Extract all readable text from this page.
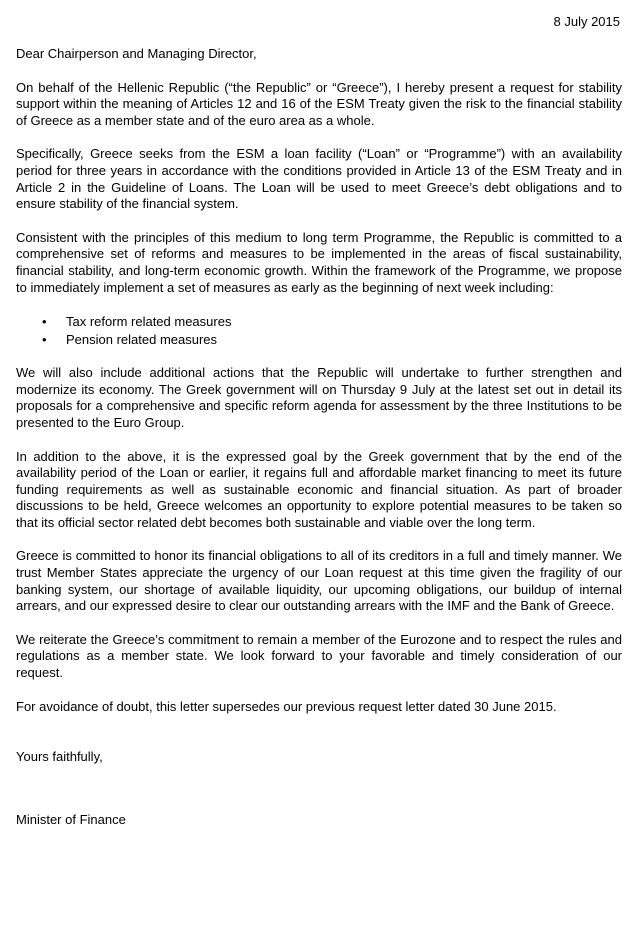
8 July 2015

Dear Chairperson and Managing Director,

On behalf of the Hellenic Republic (“the Republic” or “Greece”), I hereby present a request for stability support within the meaning of Articles 12 and 16 of the ESM Treaty given the risk to the financial stability of Greece as a member state and of the euro area as a whole.

Specifically, Greece seeks from the ESM a loan facility (“Loan” or “Programme”) with an availability period for three years in accordance with the conditions provided in Article 13 of the ESM Treaty and in Article 2 in the Guideline of Loans. The Loan will be used to meet Greece’s debt obligations and to ensure stability of the financial system.

Consistent with the principles of this medium to long term Programme, the Republic is committed to a comprehensive set of reforms and measures to be implemented in the areas of fiscal sustainability, financial stability, and long-term economic growth. Within the framework of the Programme, we propose to immediately implement a set of measures as early as the beginning of next week including:

• Tax reform related measures
• Pension related measures

We will also include additional actions that the Republic will undertake to further strengthen and modernize its economy. The Greek government will on Thursday 9 July at the latest set out in detail its proposals for a comprehensive and specific reform agenda for assessment by the three Institutions to be presented to the Euro Group.

In addition to the above, it is the expressed goal by the Greek government that by the end of the availability period of the Loan or earlier, it regains full and affordable market financing to meet its future funding requirements as well as sustainable economic and financial situation. As part of broader discussions to be held, Greece welcomes an opportunity to explore potential measures to be taken so that its official sector related debt becomes both sustainable and viable over the long term.

Greece is committed to honor its financial obligations to all of its creditors in a full and timely manner. We trust Member States appreciate the urgency of our Loan request at this time given the fragility of our banking system, our shortage of available liquidity, our upcoming obligations, our buildup of internal arrears, and our expressed desire to clear our outstanding arrears with the IMF and the Bank of Greece.

We reiterate the Greece’s commitment to remain a member of the Eurozone and to respect the rules and regulations as a member state. We look forward to your favorable and timely consideration of our request.

For avoidance of doubt, this letter supersedes our previous request letter dated 30 June 2015.

Yours faithfully,

Minister of Finance
